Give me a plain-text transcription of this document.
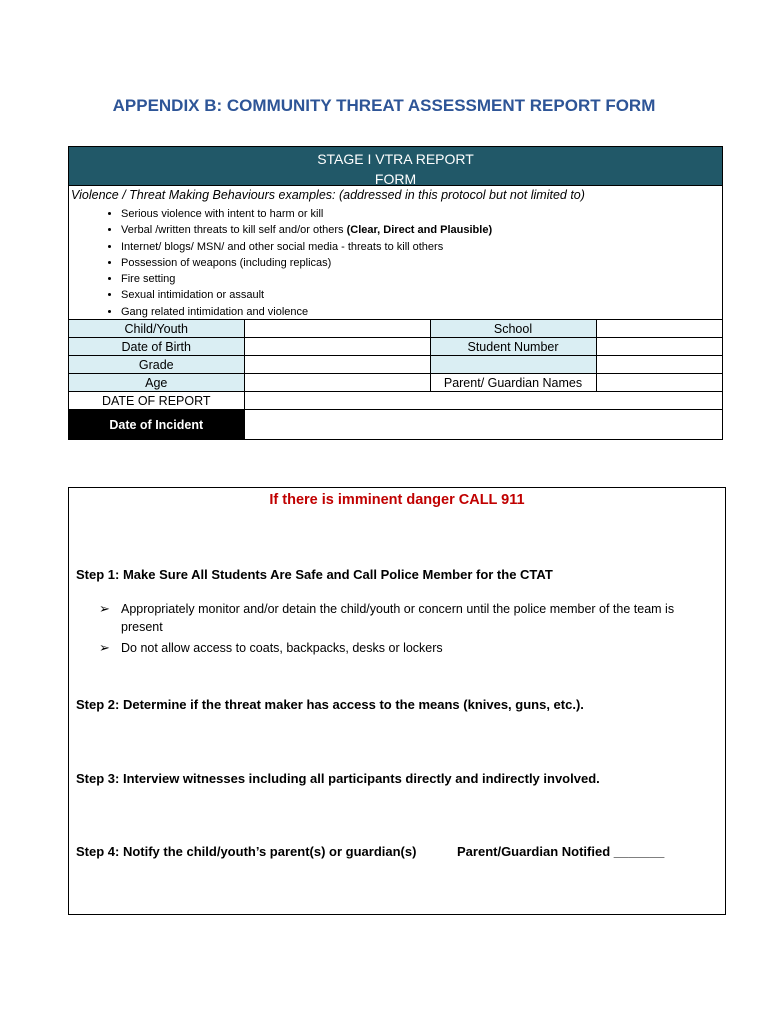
APPENDIX B: COMMUNITY THREAT ASSESSMENT REPORT FORM
STAGE I VTRA REPORT
FORM
Violence / Threat Making Behaviours examples: (addressed in this protocol but not limited to)
• Serious violence with intent to harm or kill
• Verbal /written threats to kill self and/or others (Clear, Direct and Plausible)
• Internet/ blogs/ MSN/ and other social media - threats to kill others
• Possession of weapons (including replicas)
• Fire setting
• Sexual intimidation or assault
• Gang related intimidation and violence
Child/Youth		School	
Date of Birth		Student Number	
Grade			
Age		Parent/ Guardian Names	
DATE OF REPORT			
Date of Incident			
If there is imminent danger CALL 911
Step 1: Make Sure All Students Are Safe and Call Police Member for the CTAT
➢ Appropriately monitor and/or detain the child/youth or concern until the police member of the team is present
➢ Do not allow access to coats, backpacks, desks or lockers
Step 2: Determine if the threat maker has access to the means (knives, guns, etc.).
Step 3: Interview witnesses including all participants directly and indirectly involved.
Step 4: Notify the child/youth’s parent(s) or guardian(s)	Parent/Guardian Notified _______
